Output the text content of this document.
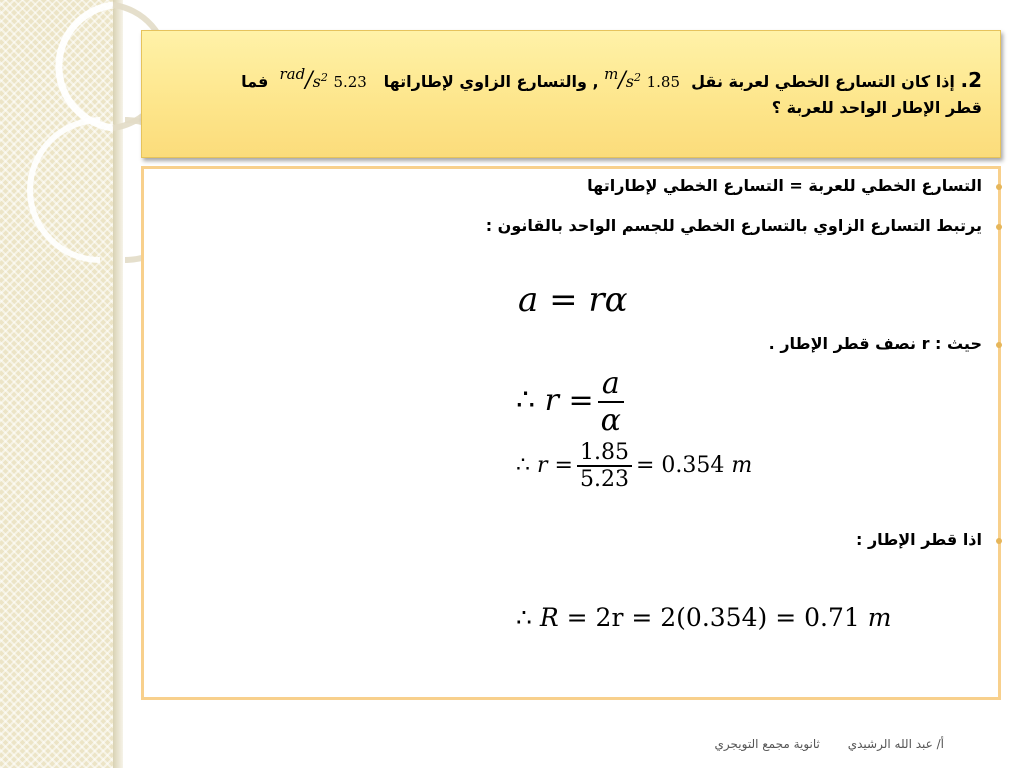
2. إذا كان التسارع الخطي لعربة نقل  1.85 $^m/s^2$ , والتسارع الزاوي لإطاراتها   5.23 $^{rad}/s^2$  فما
قطر الإطار الواحد للعربة ؟
التسارع الخطي للعربة = التسارع الخطي لإطاراتها
يرتبط التسارع الزاوي بالتسارع الخطي للجسم الواحد بالقانون :
حيث : r نصف قطر الإطار .
اذا قطر الإطار :
a = rα
∴ $r = \frac{a}{\alpha}$
∴ $r = \frac{1.85}{5.23} = 0.354$ m
∴ R = 2r = 2(0.354) = 0.71 m
أ/ عبد الله الرشيدي ثانوية مجمع التويجري
